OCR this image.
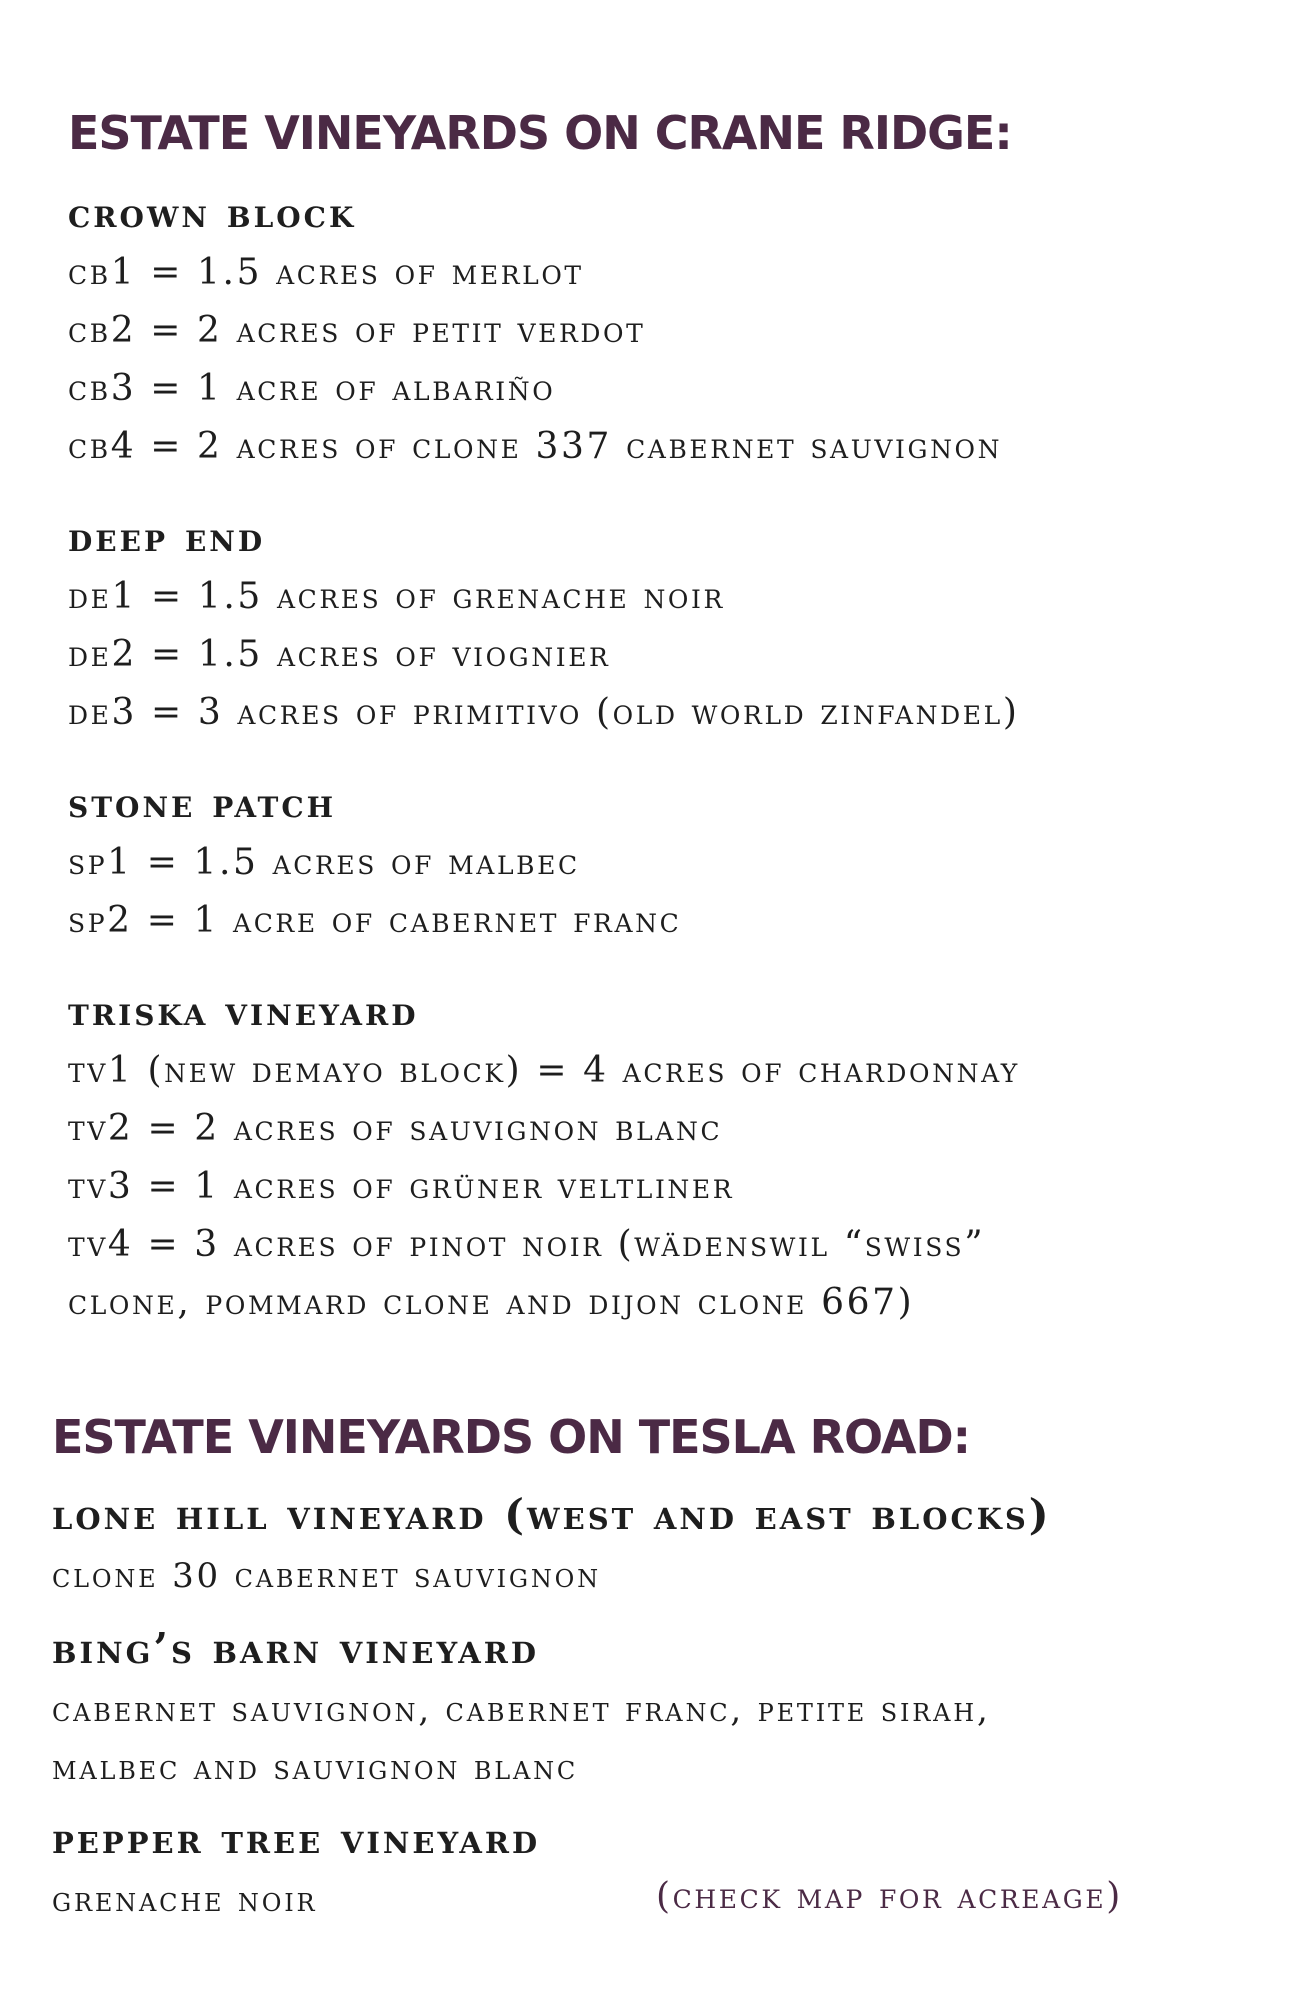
ESTATE VINEYARDS ON CRANE RIDGE:
crown block

cb1 = 1.5 acres of merlot

cb2 = 2 acres of petit verdot

cb3 = 1 acre of albariño

cb4 = 2 acres of clone 337 cabernet sauvignon

deep end

de1 = 1.5 acres of grenache noir

de2 = 1.5 acres of viognier

de3 = 3 acres of primitivo (old world zinfandel)

stone patch

sp1 = 1.5 acres of malbec

sp2 = 1 acre of cabernet franc

triska vineyard

tv1 (new demayo block) = 4 acres of chardonnay

tv2 = 2 acres of sauvignon blanc

tv3 = 1 acres of grüner veltliner

tv4 = 3 acres of pinot noir (wädenswil “swiss”

clone, pommard clone and dijon clone 667)

ESTATE VINEYARDS ON TESLA ROAD:
lone hill vineyard (west and east blocks)

clone 30 cabernet sauvignon

bing’s barn vineyard

cabernet sauvignon, cabernet franc, petite sirah,

malbec and sauvignon blanc

pepper tree vineyard

grenache noir	(check map for acreage)
